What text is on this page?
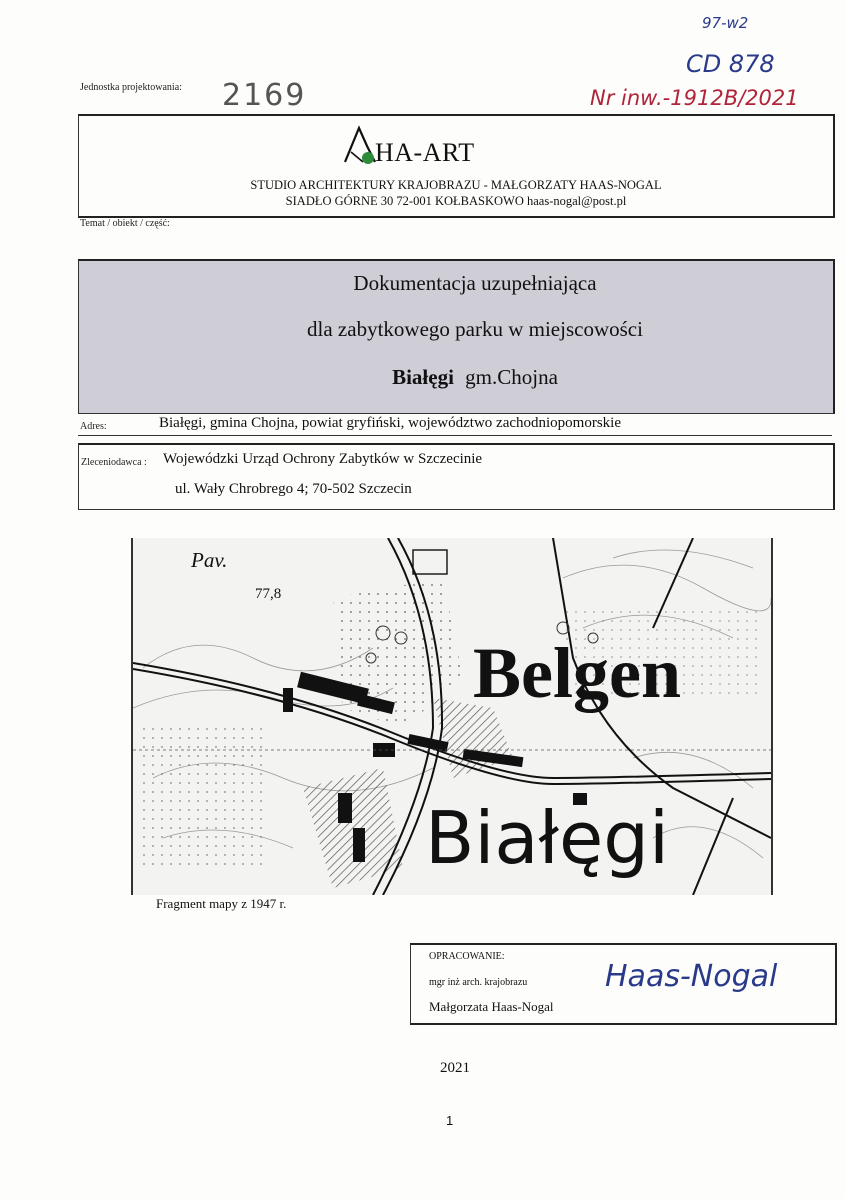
97-w2
CD 878
Nr inw.-1912B/2021
2169
Jednostka projektowania:
HA-ART
STUDIO ARCHITEKTURY KRAJOBRAZU - MAŁGORZATY HAAS-NOGAL
SIADŁO GÓRNE 30 72-001 KOŁBASKOWO haas-nogal@post.pl
Temat / obiekt / część:
Dokumentacja uzupełniająca
dla zabytkowego parku w miejscowości
Białęgi gm.Chojna
Adres:	Białęgi, gmina Chojna, powiat gryfiński, województwo zachodniopomorskie
Zleceniodawca : Wojewódzki Urząd Ochrony Zabytków w Szczecinie
ul. Wały Chrobrego 4; 70-502 Szczecin
Pav.
77,8
Belgen
Białęgi
Fragment mapy z 1947 r.
OPRACOWANIE:
mgr inż arch. krajobrazu
Małgorzata Haas-Nogal
Haas-Nogal
2021
1
